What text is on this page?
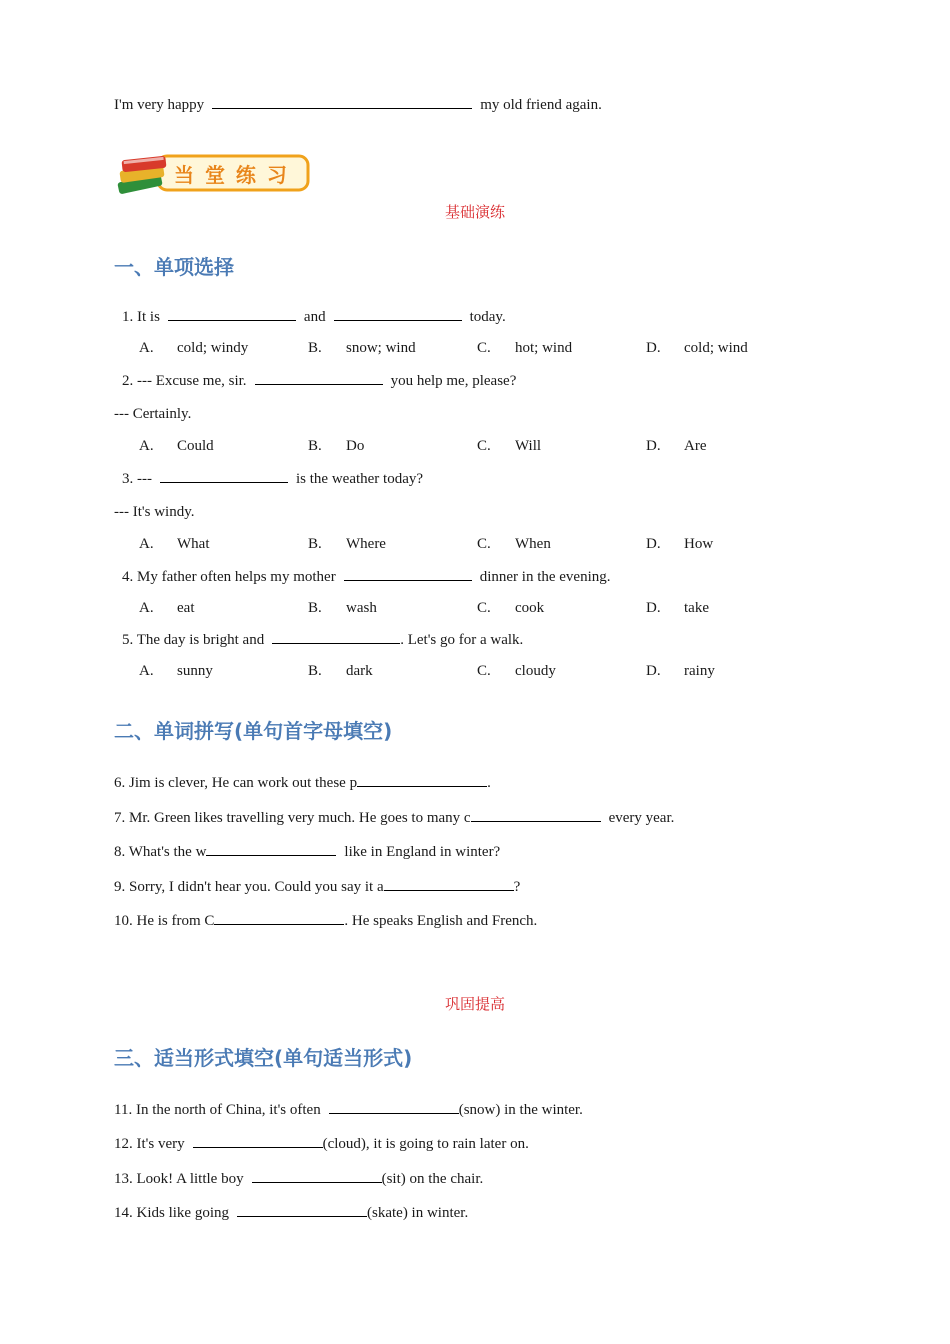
I'm very happy	my old friend again.
当 堂 练 习
基础演练
一、单项选择
1. It is	and	today.
A. cold; windy	B. snow; wind	C. hot; wind	D. cold; wind
2. --- Excuse me, sir.	you help me, please?
--- Certainly.
A. Could	B. Do	C. Will	D. Are
3. ---	is the weather today?
--- It's windy.
A. What	B. Where	C. When	D. How
4. My father often helps my mother	dinner in the evening.
A. eat	B. wash	C. cook	D. take
5. The day is bright and	. Let's go for a walk.
A. sunny	B. dark	C. cloudy	D. rainy
二、单词拼写(单句首字母填空)
6. Jim is clever, He can work out these p	.
7. Mr. Green likes travelling very much. He goes to many c	every year.
8. What's the w	like in England in winter?
9. Sorry, I didn't hear you. Could you say it a	?
10. He is from C	. He speaks English and French.
巩固提高
三、适当形式填空(单句适当形式)
11. In the north of China, it's often	(snow) in the winter.
12. It's very	(cloud), it is going to rain later on.
13. Look! A little boy	(sit) on the chair.
14. Kids like going	(skate) in winter.
